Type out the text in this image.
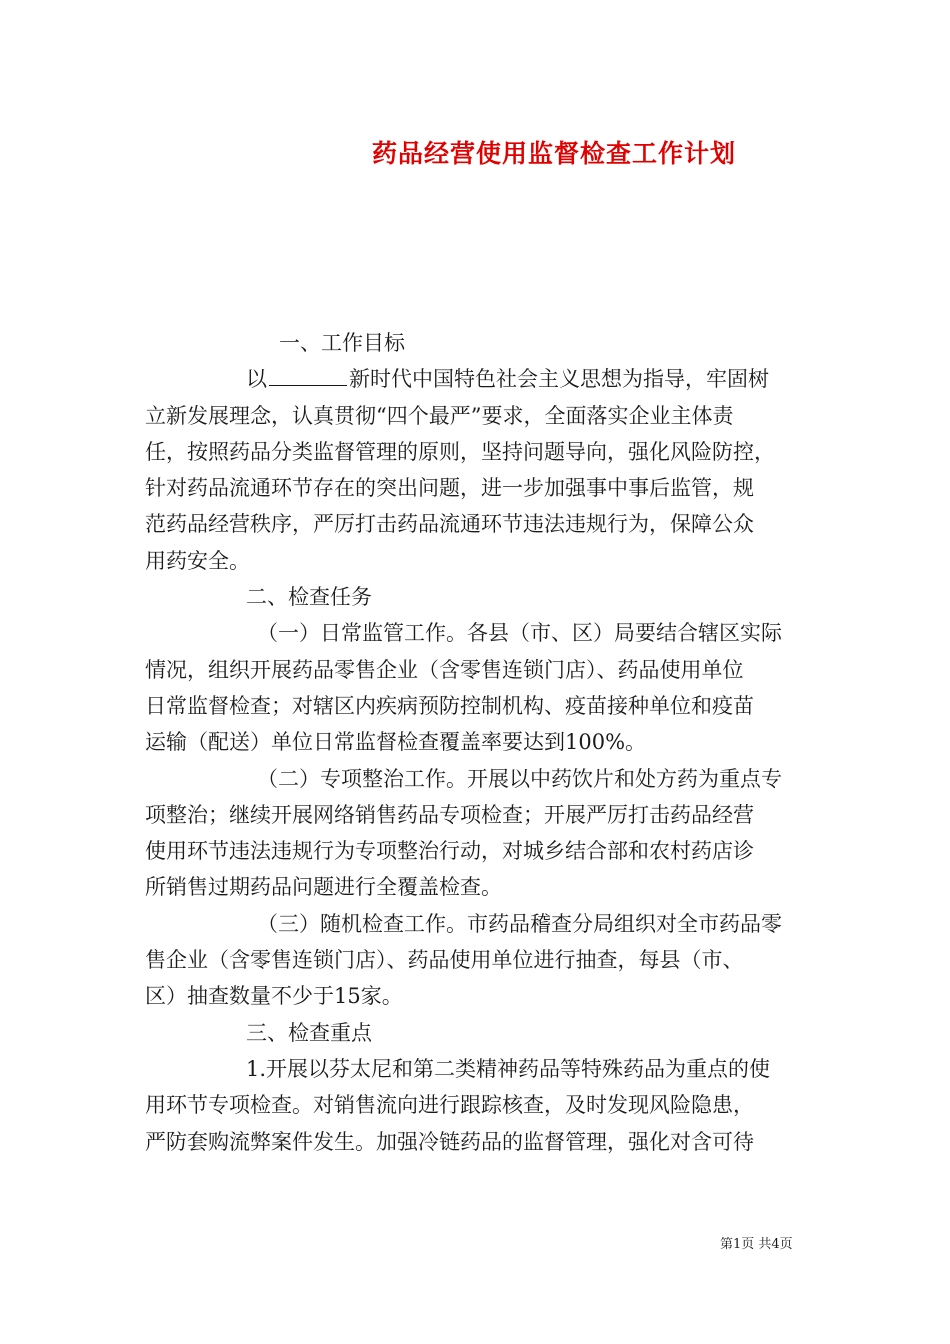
药品经营使用监督检查工作计划
一、工作目标
以	新时代中国特色社会主义思想为指导，牢固树
立新发展理念，认真贯彻“四个最严”要求，全面落实企业主体责
任，按照药品分类监督管理的原则，坚持问题导向，强化风险防控，
针对药品流通环节存在的突出问题，进一步加强事中事后监管，规
范药品经营秩序，严厉打击药品流通环节违法违规行为，保障公众
用药安全。
二、检查任务
（一）日常监管工作。各县（市、区）局要结合辖区实际
情况，组织开展药品零售企业（含零售连锁门店）、药品使用单位
日常监督检查；对辖区内疾病预防控制机构、疫苗接种单位和疫苗
运输（配送）单位日常监督检查覆盖率要达到100%。
（二）专项整治工作。开展以中药饮片和处方药为重点专
项整治；继续开展网络销售药品专项检查；开展严厉打击药品经营
使用环节违法违规行为专项整治行动，对城乡结合部和农村药店诊
所销售过期药品问题进行全覆盖检查。
（三）随机检查工作。市药品稽查分局组织对全市药品零
售企业（含零售连锁门店）、药品使用单位进行抽查，每县（市、
区）抽查数量不少于15家。
三、检查重点
1.开展以芬太尼和第二类精神药品等特殊药品为重点的使
用环节专项检查。对销售流向进行跟踪核查，及时发现风险隐患，
严防套购流弊案件发生。加强冷链药品的监督管理，强化对含可待
第1页 共4页
